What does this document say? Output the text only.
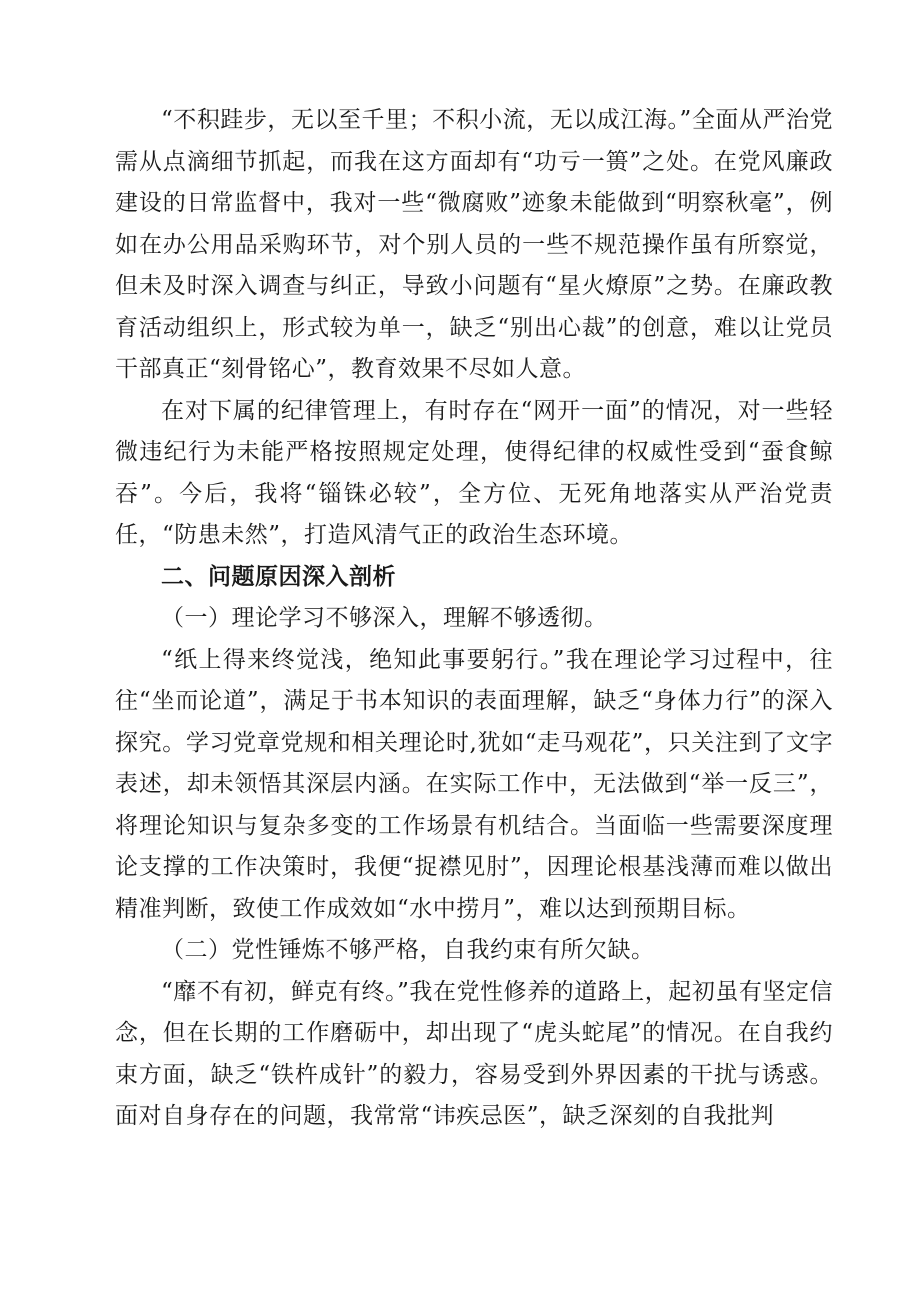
“不积跬步，无以至千里；不积小流，无以成江海。”全面从严治党需从点滴细节抓起，而我在这方面却有“功亏一篑”之处。在党风廉政建设的日常监督中，我对一些“微腐败”迹象未能做到“明察秋毫”，例如在办公用品采购环节，对个别人员的一些不规范操作虽有所察觉，但未及时深入调查与纠正，导致小问题有“星火燎原”之势。在廉政教育活动组织上，形式较为单一，缺乏“别出心裁”的创意，难以让党员干部真正“刻骨铭心”，教育效果不尽如人意。

在对下属的纪律管理上，有时存在“网开一面”的情况，对一些轻微违纪行为未能严格按照规定处理，使得纪律的权威性受到“蚕食鲸吞”。今后，我将“锱铢必较”，全方位、无死角地落实从严治党责任，“防患未然”，打造风清气正的政治生态环境。

二、问题原因深入剖析

（一）理论学习不够深入，理解不够透彻。

“纸上得来终觉浅，绝知此事要躬行。”我在理论学习过程中，往往“坐而论道”，满足于书本知识的表面理解，缺乏“身体力行”的深入探究。学习党章党规和相关理论时,犹如“走马观花”，只关注到了文字表述，却未领悟其深层内涵。在实际工作中，无法做到“举一反三”，将理论知识与复杂多变的工作场景有机结合。当面临一些需要深度理论支撑的工作决策时，我便“捉襟见肘”，因理论根基浅薄而难以做出精准判断，致使工作成效如“水中捞月”，难以达到预期目标。

（二）党性锤炼不够严格，自我约束有所欠缺。

“靡不有初，鲜克有终。”我在党性修养的道路上，起初虽有坚定信念，但在长期的工作磨砺中，却出现了“虎头蛇尾”的情况。在自我约束方面，缺乏“铁杵成针”的毅力，容易受到外界因素的干扰与诱惑。面对自身存在的问题，我常常“讳疾忌医”，缺乏深刻的自我批判
